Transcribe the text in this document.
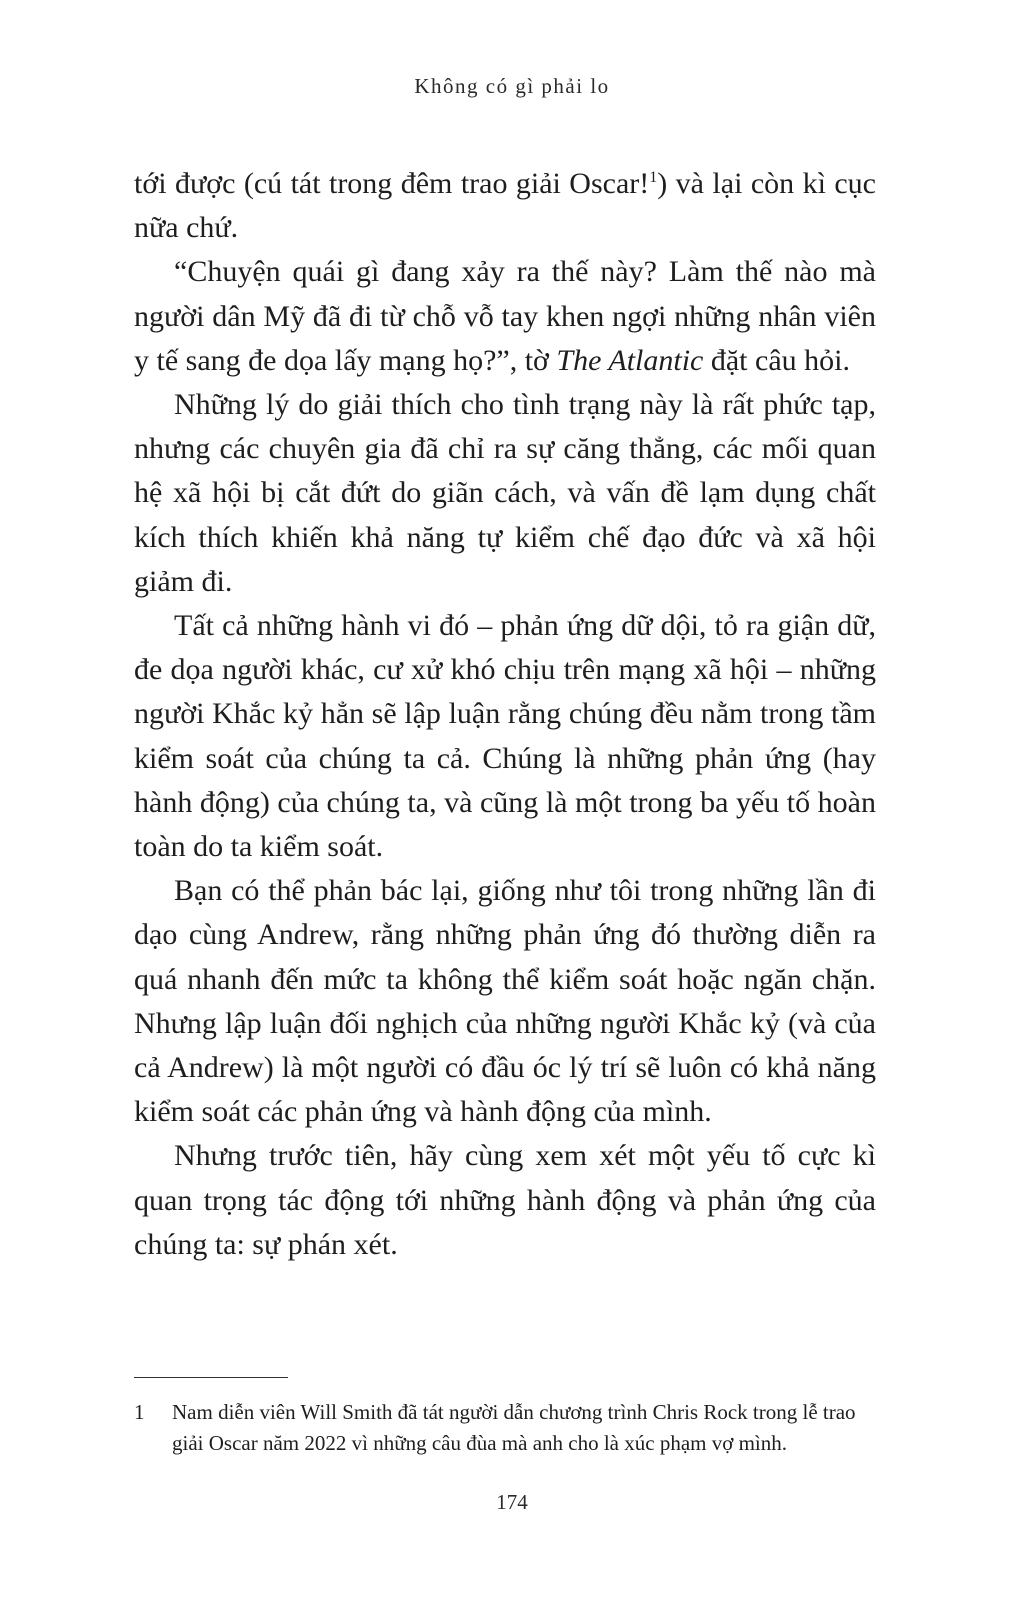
Không có gì phải lo

tới được (cú tát trong đêm trao giải Oscar!$^1$) và lại còn kì cục nữa chứ.

“Chuyện quái gì đang xảy ra thế này? Làm thế nào mà người dân Mỹ đã đi từ chỗ vỗ tay khen ngợi những nhân viên y tế sang đe dọa lấy mạng họ?”, tờ The Atlantic đặt câu hỏi.

Những lý do giải thích cho tình trạng này là rất phức tạp, nhưng các chuyên gia đã chỉ ra sự căng thẳng, các mối quan hệ xã hội bị cắt đứt do giãn cách, và vấn đề lạm dụng chất kích thích khiến khả năng tự kiểm chế đạo đức và xã hội giảm đi.

Tất cả những hành vi đó – phản ứng dữ dội, tỏ ra giận dữ, đe dọa người khác, cư xử khó chịu trên mạng xã hội – những người Khắc kỷ hẳn sẽ lập luận rằng chúng đều nằm trong tầm kiểm soát của chúng ta cả. Chúng là những phản ứng (hay hành động) của chúng ta, và cũng là một trong ba yếu tố hoàn toàn do ta kiểm soát.

Bạn có thể phản bác lại, giống như tôi trong những lần đi dạo cùng Andrew, rằng những phản ứng đó thường diễn ra quá nhanh đến mức ta không thể kiểm soát hoặc ngăn chặn. Nhưng lập luận đối nghịch của những người Khắc kỷ (và của cả Andrew) là một người có đầu óc lý trí sẽ luôn có khả năng kiểm soát các phản ứng và hành động của mình.

Nhưng trước tiên, hãy cùng xem xét một yếu tố cực kì quan trọng tác động tới những hành động và phản ứng của chúng ta: sự phán xét.

1	Nam diễn viên Will Smith đã tát người dẫn chương trình Chris Rock trong lễ trao giải Oscar năm 2022 vì những câu đùa mà anh cho là xúc phạm vợ mình.
174
